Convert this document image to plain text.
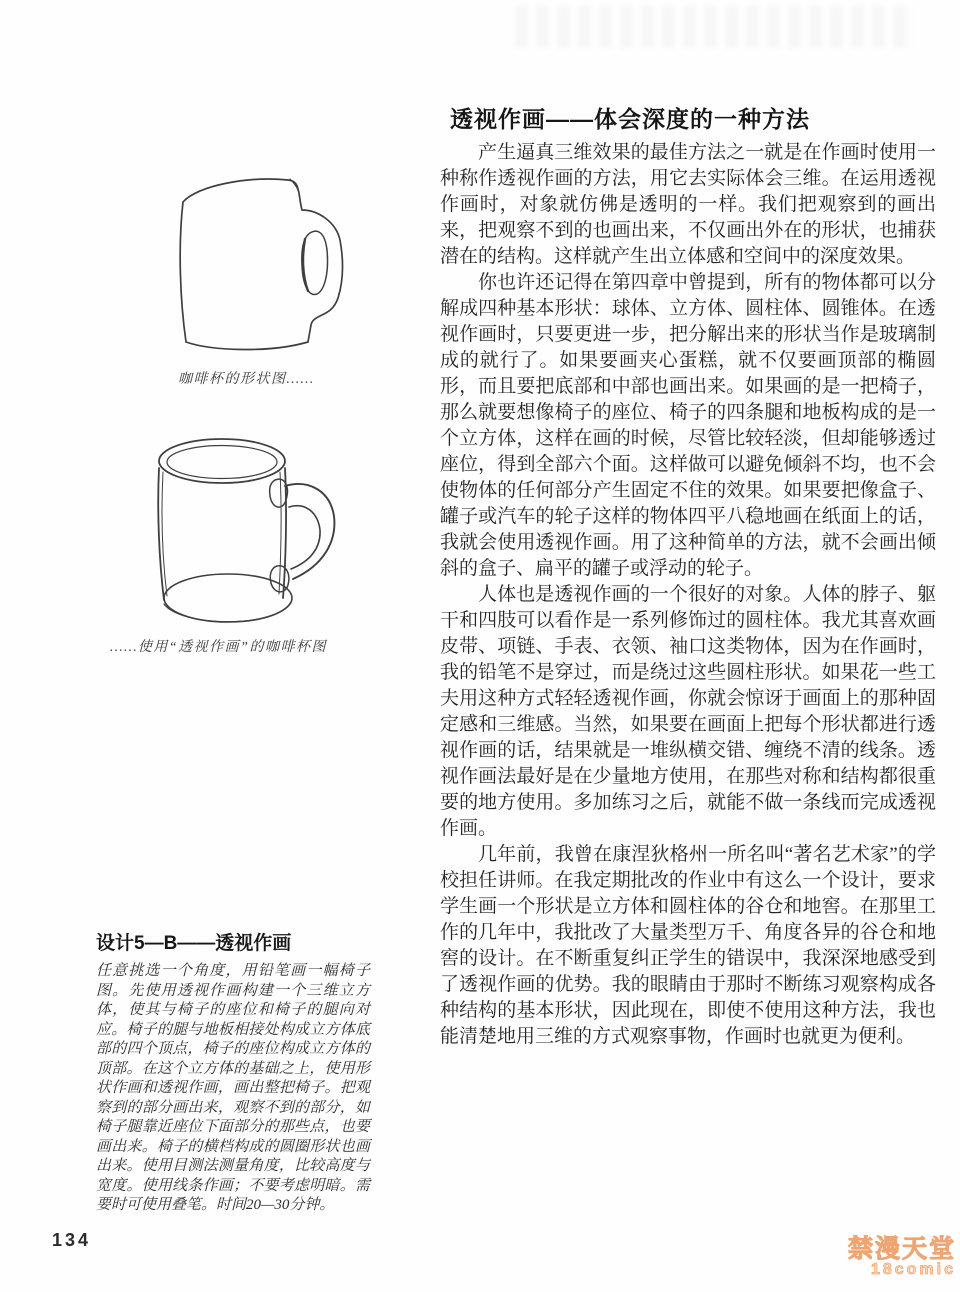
透视作画——体会深度的一种方法

产生逼真三维效果的最佳方法之一就是在作画时使用一种称作透视作画的方法，用它去实际体会三维。在运用透视作画时，对象就仿佛是透明的一样。我们把观察到的画出来，把观察不到的也画出来，不仅画出外在的形状，也捕获潜在的结构。这样就产生出立体感和空间中的深度效果。

你也许还记得在第四章中曾提到，所有的物体都可以分解成四种基本形状：球体、立方体、圆柱体、圆锥体。在透视作画时，只要更进一步，把分解出来的形状当作是玻璃制成的就行了。如果要画夹心蛋糕，就不仅要画顶部的椭圆形，而且要把底部和中部也画出来。如果画的是一把椅子，那么就要想像椅子的座位、椅子的四条腿和地板构成的是一个立方体，这样在画的时候，尽管比较轻淡，但却能够透过座位，得到全部六个面。这样做可以避免倾斜不均，也不会使物体的任何部分产生固定不住的效果。如果要把像盒子、罐子或汽车的轮子这样的物体四平八稳地画在纸面上的话，我就会使用透视作画。用了这种简单的方法，就不会画出倾斜的盒子、扁平的罐子或浮动的轮子。

人体也是透视作画的一个很好的对象。人体的脖子、躯干和四肢可以看作是一系列修饰过的圆柱体。我尤其喜欢画皮带、项链、手表、衣领、袖口这类物体，因为在作画时，我的铅笔不是穿过，而是绕过这些圆柱形状。如果花一些工夫用这种方式轻轻透视作画，你就会惊讶于画面上的那种固定感和三维感。当然，如果要在画面上把每个形状都进行透视作画的话，结果就是一堆纵横交错、缠绕不清的线条。透视作画法最好是在少量地方使用，在那些对称和结构都很重要的地方使用。多加练习之后，就能不做一条线而完成透视作画。

几年前，我曾在康涅狄格州一所名叫“著名艺术家”的学校担任讲师。在我定期批改的作业中有这么一个设计，要求学生画一个形状是立方体和圆柱体的谷仓和地窖。在那里工作的几年中，我批改了大量类型万千、角度各异的谷仓和地窖的设计。在不断重复纠正学生的错误中，我深深地感受到了透视作画的优势。我的眼睛由于那时不断练习观察构成各种结构的基本形状，因此现在，即使不使用这种方法，我也能清楚地用三维的方式观察事物，作画时也就更为便利。

咖啡杯的形状图……
……使用“透视作画”的咖啡杯图
设计5—B——透视作画
任意挑选一个角度，用铅笔画一幅椅子图。先使用透视作画构建一个三维立方体，使其与椅子的座位和椅子的腿向对应。椅子的腿与地板相接处构成立方体底部的四个顶点，椅子的座位构成立方体的顶部。在这个立方体的基础之上，使用形状作画和透视作画，画出整把椅子。把观察到的部分画出来，观察不到的部分，如椅子腿靠近座位下面部分的那些点，也要画出来。椅子的横档构成的圆圈形状也画出来。使用目测法测量角度，比较高度与宽度。使用线条作画；不要考虑明暗。需要时可使用叠笔。时间20—30分钟。
134	禁漫天堂
18comic
